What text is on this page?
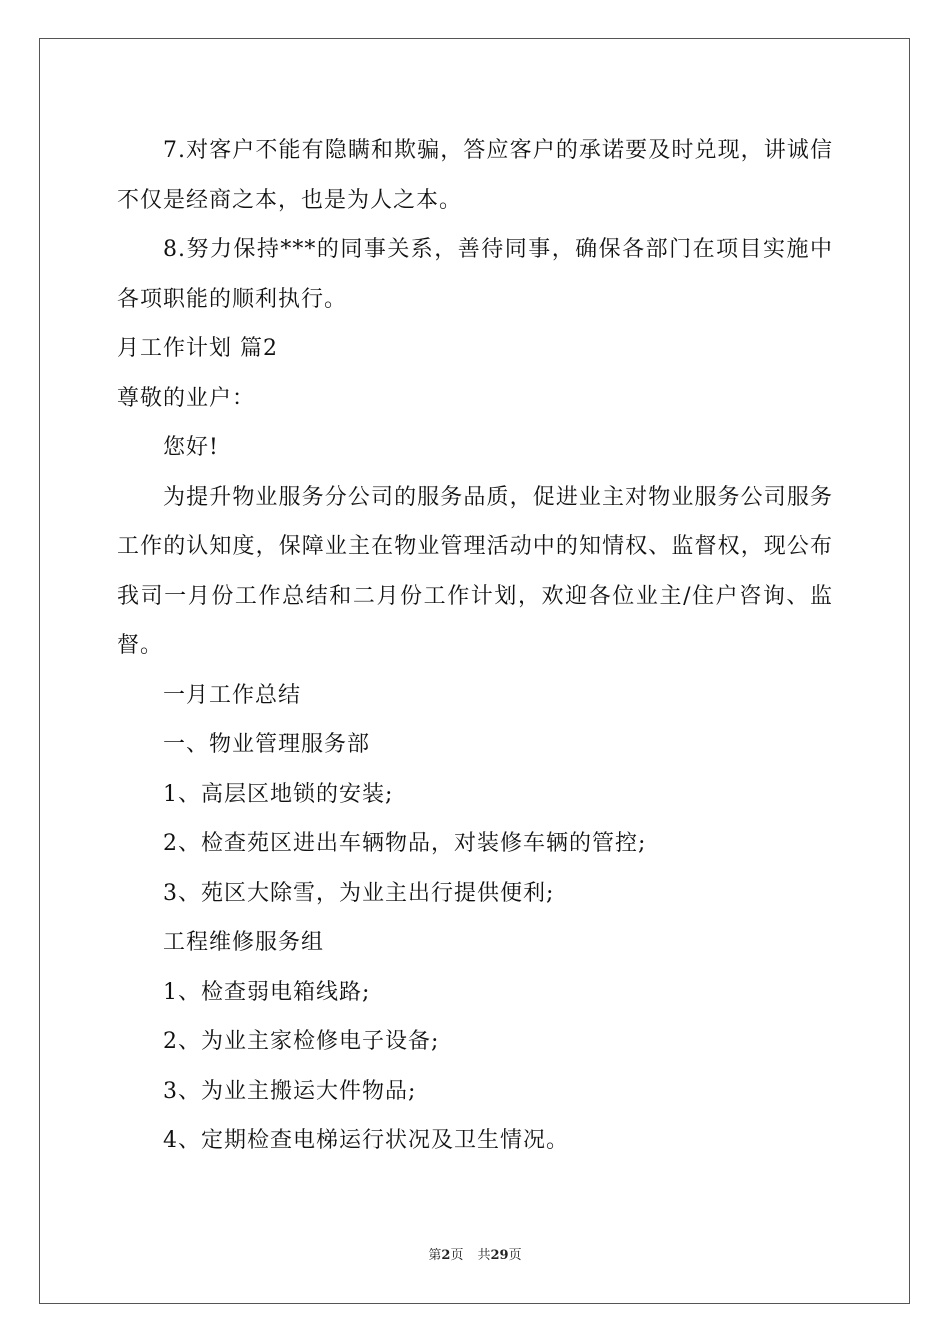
7.对客户不能有隐瞒和欺骗，答应客户的承诺要及时兑现，讲诚信不仅是经商之本，也是为人之本。

8.努力保持***的同事关系，善待同事，确保各部门在项目实施中各项职能的顺利执行。

月工作计划 篇2

尊敬的业户：

您好!

为提升物业服务分公司的服务品质，促进业主对物业服务公司服务工作的认知度，保障业主在物业管理活动中的知情权、监督权，现公布我司一月份工作总结和二月份工作计划，欢迎各位业主/住户咨询、监督。

一月工作总结

一、物业管理服务部

1、高层区地锁的安装;

2、检查苑区进出车辆物品，对装修车辆的管控;

3、苑区大除雪，为业主出行提供便利;

工程维修服务组

1、检查弱电箱线路;

2、为业主家检修电子设备;

3、为业主搬运大件物品;

4、定期检查电梯运行状况及卫生情况。

第2页 共29页
